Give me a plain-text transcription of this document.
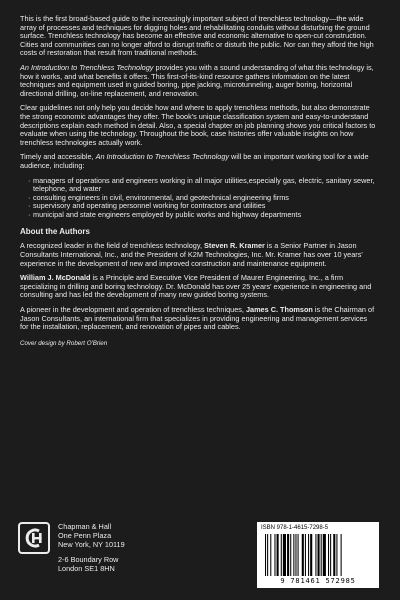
This is the first broad-based guide to the increasingly important subject of trenchless technology—the wide array of processes and techniques for digging holes and rehabilitating conduits without disturbing the ground surface. Trenchless technology has become an effective and economic alternative to open-cut construction. Cities and communities can no longer afford to disrupt traffic or disturb the public. Nor can they afford the high costs of restoration that result from traditional methods.

An Introduction to Trenchless Technology provides you with a sound understanding of what this technology is, how it works, and what benefits it offers. This first-of-its-kind resource gathers information on the latest techniques and equipment used in guided boring, pipe jacking, microtunneling, auger boring, horizontal directional drilling, on-line replacement, and renovation.

Clear guidelines not only help you decide how and where to apply trenchless methods, but also demonstrate the strong economic advantages they offer. The book's unique classification system and easy-to-understand descriptions explain each method in detail. Also, a special chapter on job planning shows you critical factors to evaluate when using the technology. Throughout the book, case histories offer valuable insights on how trenchless technologies actually work.

Timely and accessible, An Introduction to Trenchless Technology will be an important working tool for a wide audience, including:

· managers of operations and engineers working in all major utilities,especially gas, electric, sanitary sewer, telephone, and water
· consulting engineers in civil, environmental, and geotechnical engineering firms
· supervisory and operating personnel working for contractors and utilities
· municipal and state engineers employed by public works and highway departments
About the Authors

A recognized leader in the field of trenchless technology, Steven R. Kramer is a Senior Partner in Jason Consultants International, Inc., and the President of K2M Technologies, Inc. Mr. Kramer has over 10 years' experience in the development of new and improved construction and maintenance equipment.

William J. McDonald is a Principle and Executive Vice President of Maurer Engineering, Inc., a firm specializing in drilling and boring technology. Dr. McDonald has over 25 years' experience in engineering and consulting and has led the development of many new guided boring systems.

A pioneer in the development and operation of trenchless techniques, James C. Thomson is the Chairman of Jason Consultants, an international firm that specializes in providing engineering and management services for the installation, replacement, and renovation of pipes and cables.

Cover design by Robert O'Brien
Chapman & Hall
One Penn Plaza
New York, NY 10119
2-6 Boundary Row
London SE1 8HN
ISBN 978-1-4615-7298-5
9 781461 572985
